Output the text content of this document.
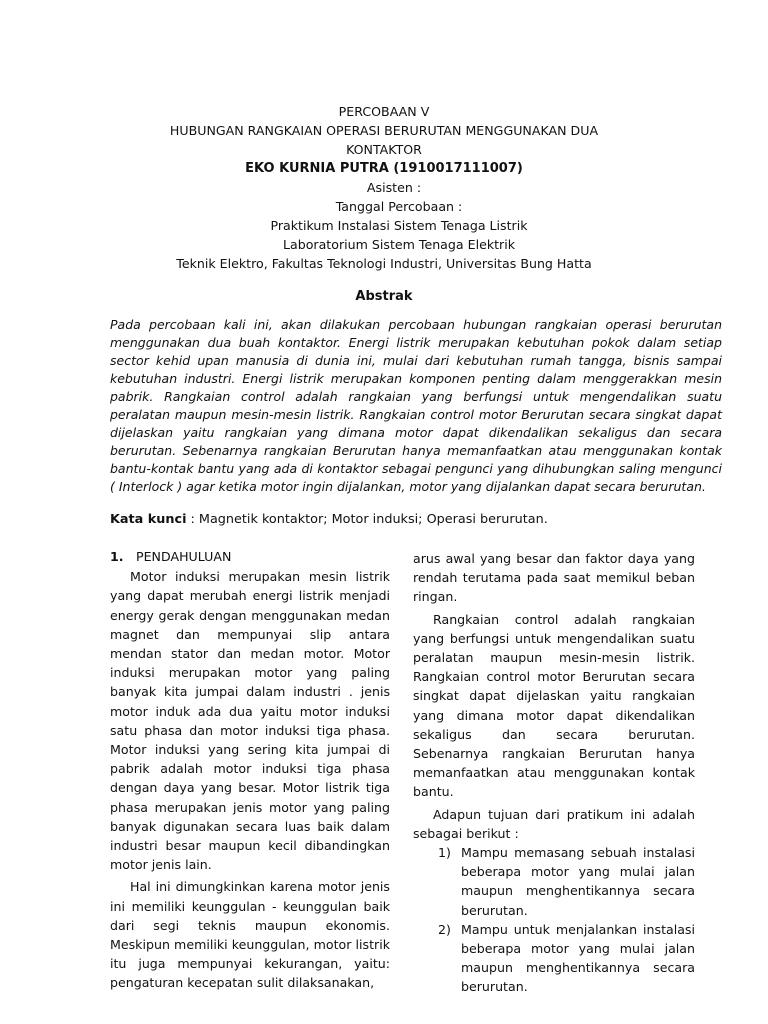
PERCOBAAN V
HUBUNGAN RANGKAIAN OPERASI BERURUTAN MENGGUNAKAN DUA
KONTAKTOR
EKO KURNIA PUTRA (1910017111007)
Asisten :
Tanggal Percobaan :
Praktikum Instalasi Sistem Tenaga Listrik
Laboratorium Sistem Tenaga Elektrik
Teknik Elektro, Fakultas Teknologi Industri, Universitas Bung Hatta
Abstrak
Pada percobaan kali ini, akan dilakukan percobaan hubungan rangkaian operasi berurutan menggunakan dua buah kontaktor. Energi listrik merupakan kebutuhan pokok dalam setiap sector kehid upan manusia di dunia ini, mulai dari kebutuhan rumah tangga, bisnis sampai kebutuhan industri. Energi listrik merupakan komponen penting dalam menggerakkan mesin pabrik. Rangkaian control adalah rangkaian yang berfungsi untuk mengendalikan suatu peralatan maupun mesin-mesin listrik. Rangkaian control motor Berurutan secara singkat dapat dijelaskan yaitu rangkaian yang dimana motor dapat dikendalikan sekaligus dan secara berurutan. Sebenarnya rangkaian Berurutan hanya memanfaatkan atau menggunakan kontak bantu-kontak bantu yang ada di kontaktor sebagai pengunci yang dihubungkan saling mengunci ( Interlock ) agar ketika motor ingin dijalankan, motor yang dijalankan dapat secara berurutan.
Kata kunci : Magnetik kontaktor; Motor induksi; Operasi berurutan.
1. PENDAHULUAN

Motor induksi merupakan mesin listrik yang dapat merubah energi listrik menjadi energy gerak dengan menggunakan medan magnet dan mempunyai slip antara mendan stator dan medan motor. Motor induksi merupakan motor yang paling banyak kita jumpai dalam industri . jenis motor induk ada dua yaitu motor induksi satu phasa dan motor induksi tiga phasa. Motor induksi yang sering kita jumpai di pabrik adalah motor induksi tiga phasa dengan daya yang besar. Motor listrik tiga phasa merupakan jenis motor yang paling banyak digunakan secara luas baik dalam industri besar maupun kecil dibandingkan motor jenis lain.

Hal ini dimungkinkan karena motor jenis ini memiliki keunggulan - keunggulan baik dari segi teknis maupun ekonomis. Meskipun memiliki keunggulan, motor listrik itu juga mempunyai kekurangan, yaitu: pengaturan kecepatan sulit dilaksanakan,

arus awal yang besar dan faktor daya yang rendah terutama pada saat memikul beban ringan.

Rangkaian control adalah rangkaian yang berfungsi untuk mengendalikan suatu peralatan maupun mesin-mesin listrik. Rangkaian control motor Berurutan secara singkat dapat dijelaskan yaitu rangkaian yang dimana motor dapat dikendalikan sekaligus dan secara berurutan. Sebenarnya rangkaian Berurutan hanya memanfaatkan atau menggunakan kontak bantu.

Adapun tujuan dari pratikum ini adalah sebagai berikut :

1) Mampu memasang sebuah instalasi beberapa motor yang mulai jalan maupun menghentikannya secara berurutan.
2) Mampu untuk menjalankan instalasi beberapa motor yang mulai jalan maupun menghentikannya secara berurutan.
